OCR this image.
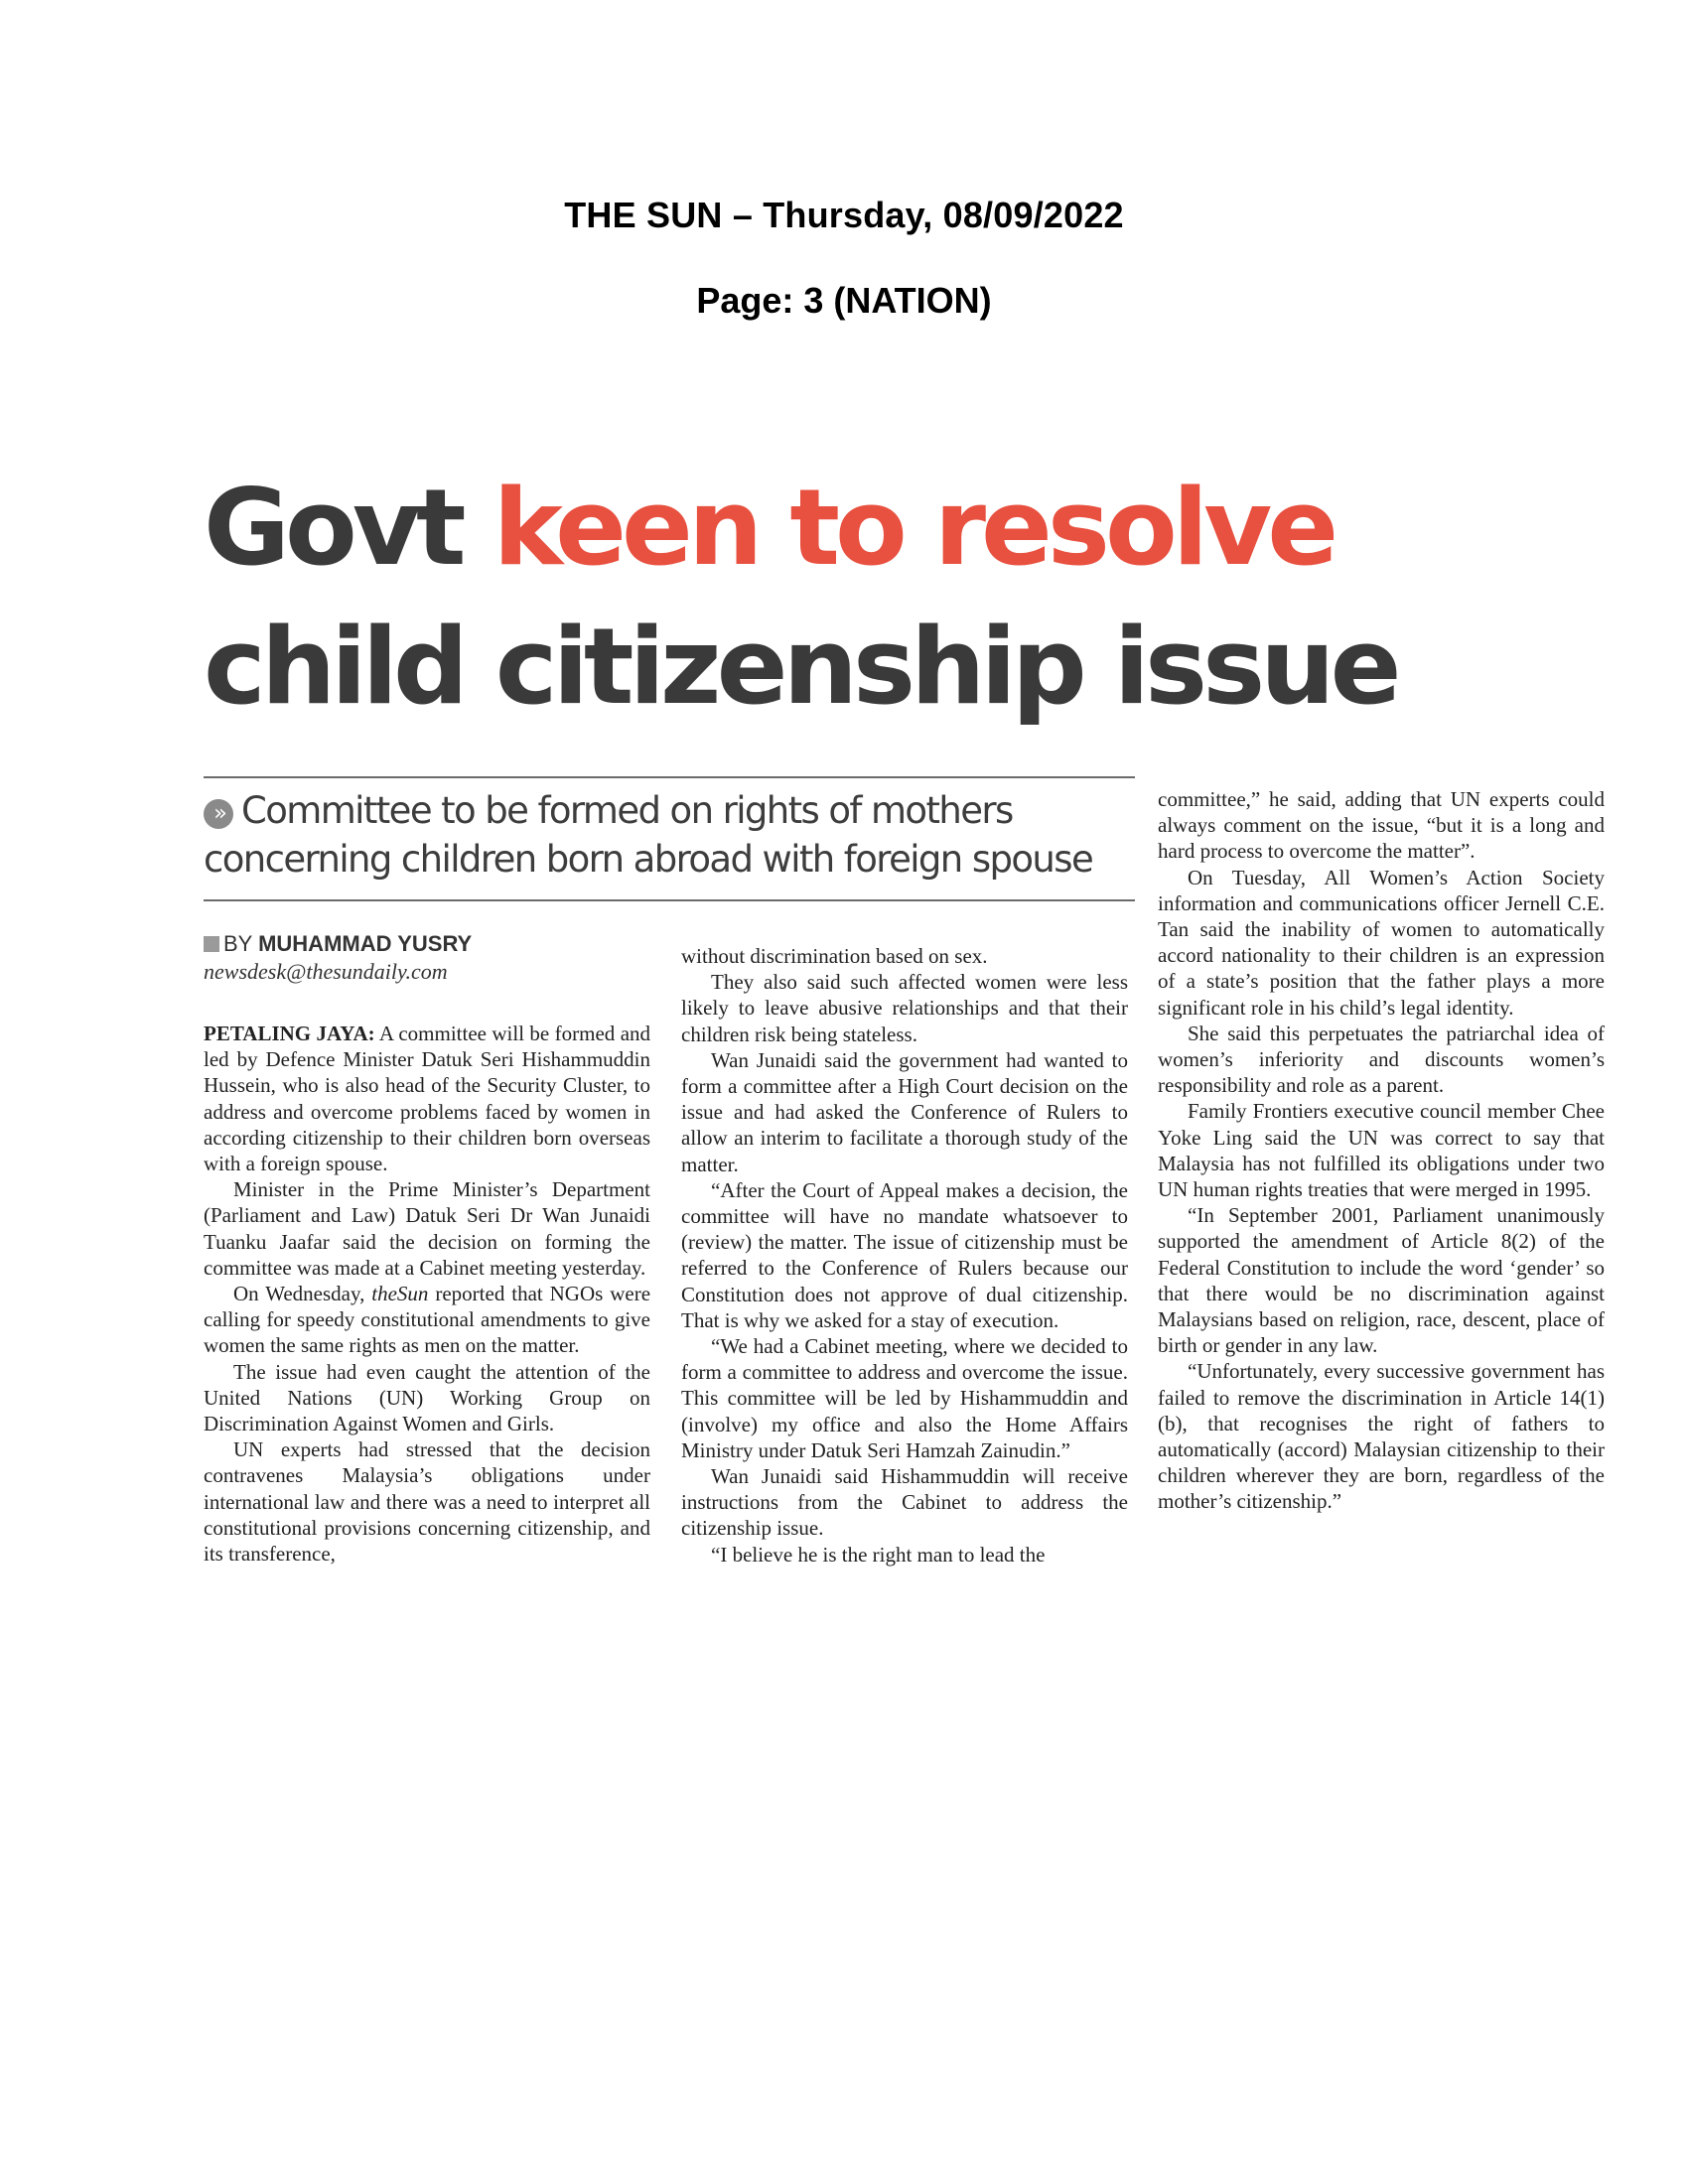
THE SUN – Thursday, 08/09/2022
Page: 3 (NATION)
Govt keen to resolve
child citizenship issue

›› Committee to be formed on rights of mothers
concerning children born abroad with foreign spouse

BY MUHAMMAD YUSRY
newsdesk@thesundaily.com

PETALING JAYA: A committee will be formed and led by Defence Minister Datuk Seri Hishammuddin Hussein, who is also head of the Security Cluster, to address and overcome problems faced by women in according citizenship to their children born overseas with a foreign spouse.

Minister in the Prime Minister’s Department (Parliament and Law) Datuk Seri Dr Wan Junaidi Tuanku Jaafar said the decision on forming the committee was made at a Cabinet meeting yesterday.

On Wednesday, theSun reported that NGOs were calling for speedy constitutional amendments to give women the same rights as men on the matter.

The issue had even caught the attention of the United Nations (UN) Working Group on Discrimination Against Women and Girls.

UN experts had stressed that the decision contravenes Malaysia’s obligations under international law and there was a need to interpret all constitutional provisions concerning citizenship, and its transference,

without discrimination based on sex.

They also said such affected women were less likely to leave abusive relationships and that their children risk being stateless.

Wan Junaidi said the government had wanted to form a committee after a High Court decision on the issue and had asked the Conference of Rulers to allow an interim to facilitate a thorough study of the matter.

“After the Court of Appeal makes a decision, the committee will have no mandate whatsoever to (review) the matter. The issue of citizenship must be referred to the Conference of Rulers because our Constitution does not approve of dual citizenship. That is why we asked for a stay of execution.

“We had a Cabinet meeting, where we decided to form a committee to address and overcome the issue. This committee will be led by Hishammuddin and (involve) my office and also the Home Affairs Ministry under Datuk Seri Hamzah Zainudin.”

Wan Junaidi said Hishammuddin will receive instructions from the Cabinet to address the citizenship issue.

“I believe he is the right man to lead the

committee,” he said, adding that UN experts could always comment on the issue, “but it is a long and hard process to overcome the matter”.

On Tuesday, All Women’s Action Society information and communications officer Jernell C.E. Tan said the inability of women to automatically accord nationality to their children is an expression of a state’s position that the father plays a more significant role in his child’s legal identity.

She said this perpetuates the patriarchal idea of women’s inferiority and discounts women’s responsibility and role as a parent.

Family Frontiers executive council member Chee Yoke Ling said the UN was correct to say that Malaysia has not fulfilled its obligations under two UN human rights treaties that were merged in 1995.

“In September 2001, Parliament unanimously supported the amendment of Article 8(2) of the Federal Constitution to include the word ‘gender’ so that there would be no discrimination against Malaysians based on religion, race, descent, place of birth or gender in any law.

“Unfortunately, every successive government has failed to remove the discrimination in Article 14(1)(b), that recognises the right of fathers to automatically (accord) Malaysian citizenship to their children wherever they are born, regardless of the mother’s citizenship.”
